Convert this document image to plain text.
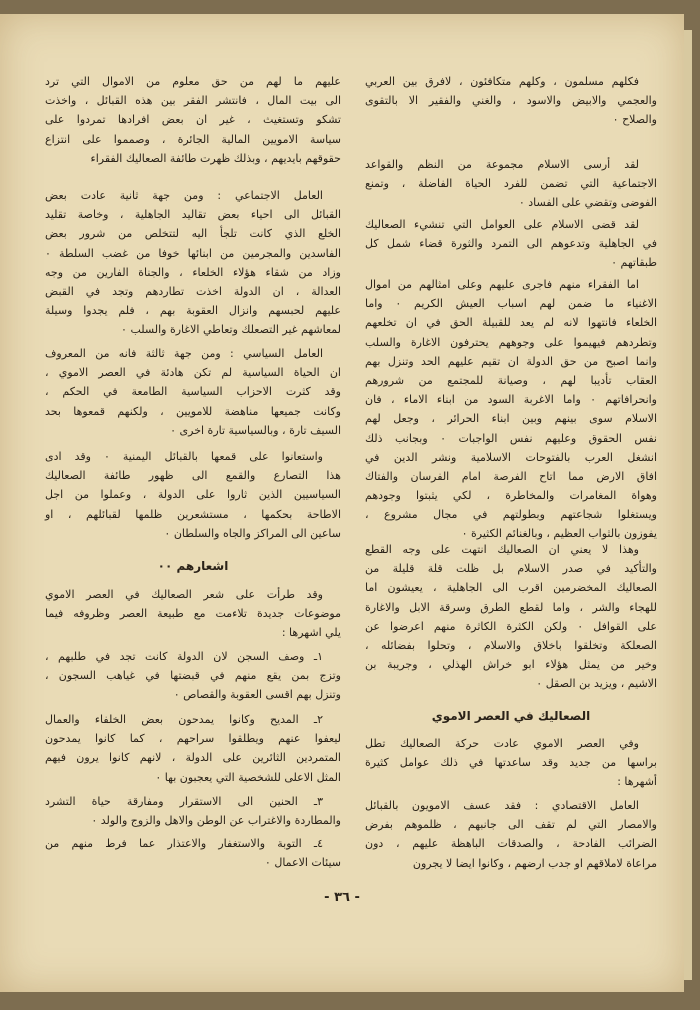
فكلهم مسلمون ، وكلهم متكافئون ، لافرق بين العربي
والعجمي والابيض والاسود ، والغني والفقير الا بالتقوى
والصلاح ٠
لقد أرسى الاسلام مجموعة من النظم والقواعد
الاجتماعية التي تضمن للفرد الحياة الفاضلة ، وتمنع
الفوضى وتقضي على الفساد ٠
لقد قضى الاسلام على العوامل التي تنشيء الصعاليك
في الجاهلية وتدعوهم الى التمرد والثورة قضاء شمل كل
طبقاتهم ٠
اما الفقراء منهم فاجرى عليهم وعلى امثالهم من اموال
الاغنياء ما ضمن لهم اسباب العيش الكريم ٠ واما
الخلعاء فانتهوا لانه لم يعد للقبيلة الحق في ان تخلعهم
وتطردهم فيهيموا على وجوههم يحترفون الاغارة والسلب
وانما اصبح من حق الدولة ان تقيم عليهم الحد وتنزل بهم
العقاب تأديبا لهم ، وصيانة للمجتمع من شرورهم
وانحرافاتهم ٠ واما الاغربة السود من ابناء الاماء ، فان
الاسلام سوى بينهم وبين ابناء الحرائر ، وجعل لهم
نفس الحقوق وعليهم نفس الواجبات ٠ وبجانب ذلك
انشغل العرب بالفتوحات الاسلامية ونشر الدين في
افاق الارض مما اتاح الفرصة امام الفرسان والفتاك
وهواة المغامرات والمخاطرة ، لكي يثبتوا وجودهم
ويستغلوا شجاعتهم وبطولتهم في مجال مشروع ،
يفوزون بالثواب العظيم ، وبالغنائم الكثيرة ٠
وهذا لا يعني ان الصعاليك انتهت على وجه القطع
والتأكيد في صدر الاسلام بل ظلت قلة قليلة من
الصعاليك المخضرمين اقرب الى الجاهلية ، يعيشون اما
للهجاء والشر ، واما لقطع الطرق وسرقة الابل والاغارة
على القوافل ٠ ولكن الكثرة الكاثرة منهم اعرضوا عن
الصعلكة وتخلقوا باخلاق والاسلام ، وتحلوا بفضائله ،
وخير من يمثل هؤلاء ابو خراش الهذلي ، وجريبة بن
الاشيم ، ويزيد بن الصقل ٠
الصعاليك في العصر الاموي
وفي العصر الاموي عادت حركة الصعاليك تطل
براسها من جديد وقد ساعدتها في ذلك عوامل كثيرة
أشهرها :
العامل الاقتصادي : فقد عسف الامويون بالقبائل
والامصار التي لم تقف الى جانبهم ، ظلموهم بفرض
الضرائب الفادحة ، والصدقات الباهظة عليهم ، دون
مراعاة لاملاقهم او جدب ارضهم ، وكانوا ايضا لا يجرون
عليهم ما لهم من حق معلوم من الاموال التي ترد
الى بيت المال ، فانتشر الفقر بين هذه القبائل ، واخذت
تشكو وتستغيث ، غير ان بعض افرادها تمردوا على
سياسة الامويين المالية الجائرة ، وصمموا على انتزاع
حقوقهم بايديهم ، وبذلك ظهرت طائفة الصعاليك الفقراء
العامل الاجتماعي : ومن جهة ثانية عادت بعض
القبائل الى احياء بعض تقاليد الجاهلية ، وخاصة تقليد
الخلع الذي كانت تلجأ اليه لتتخلص من شرور بعض
الفاسدين والمجرمين من ابنائها خوفا من غضب السلطة ٠
وزاد من شقاء هؤلاء الخلعاء ، والجناة الفارين من وجه
العدالة ، ان الدولة اخذت تطاردهم وتجد في القبض
عليهم لحبسهم وانزال العقوبة بهم ، فلم يجدوا وسيلة
لمعاشهم غير التصعلك وتعاطي الاغارة والسلب ٠
العامل السياسي : ومن جهة ثالثة فانه من المعروف
ان الحياة السياسية لم تكن هادئة في العصر الاموي ،
وقد كثرت الاحزاب السياسية الطامعة في الحكم ،
وكانت جميعها مناهضة للامويين ، ولكنهم قمعوها بحد
السيف تارة ، وبالسياسية تارة اخرى ٠
واستعانوا على قمعها بالقبائل اليمنية ٠ وقد ادى
هذا التصارع والقمع الى ظهور طائفة الصعاليك
السياسيين الذين ثاروا على الدولة ، وعملوا من اجل
الاطاحة بحكمها ، مستشعرين ظلمها لقبائلهم ، او
ساعين الى المراكز والجاه والسلطان ٠
اشعارهم ٠٠
وقد طرأت على شعر الصعاليك في العصر الاموي
موضوعات جديدة تلاءمت مع طبيعة العصر وظروفه فيما
يلي اشهرها :
١ـ وصف السجن لان الدولة كانت تجد في طلبهم ،
وتزج بمن يقع منهم في قبضتها في غياهب السجون ،
وتنزل بهم اقسى العقوبة والقصاص ٠
٢ـ المديح وكانوا يمدحون بعض الخلفاء والعمال
ليعفوا عنهم ويطلقوا سراحهم ، كما كانوا يمدحون
المتمردين الثائرين على الدولة ، لانهم كانوا يرون فيهم
المثل الاعلى للشخصية التي يعجبون بها ٠
٣ـ الحنين الى الاستقرار ومفارقة حياة التشرد
والمطاردة والاغتراب عن الوطن والاهل والزوج والولد ٠
٤ـ التوبة والاستغفار والاعتذار عما فرط منهم من
سيئات الاعمال ٠
- ٣٦ -
